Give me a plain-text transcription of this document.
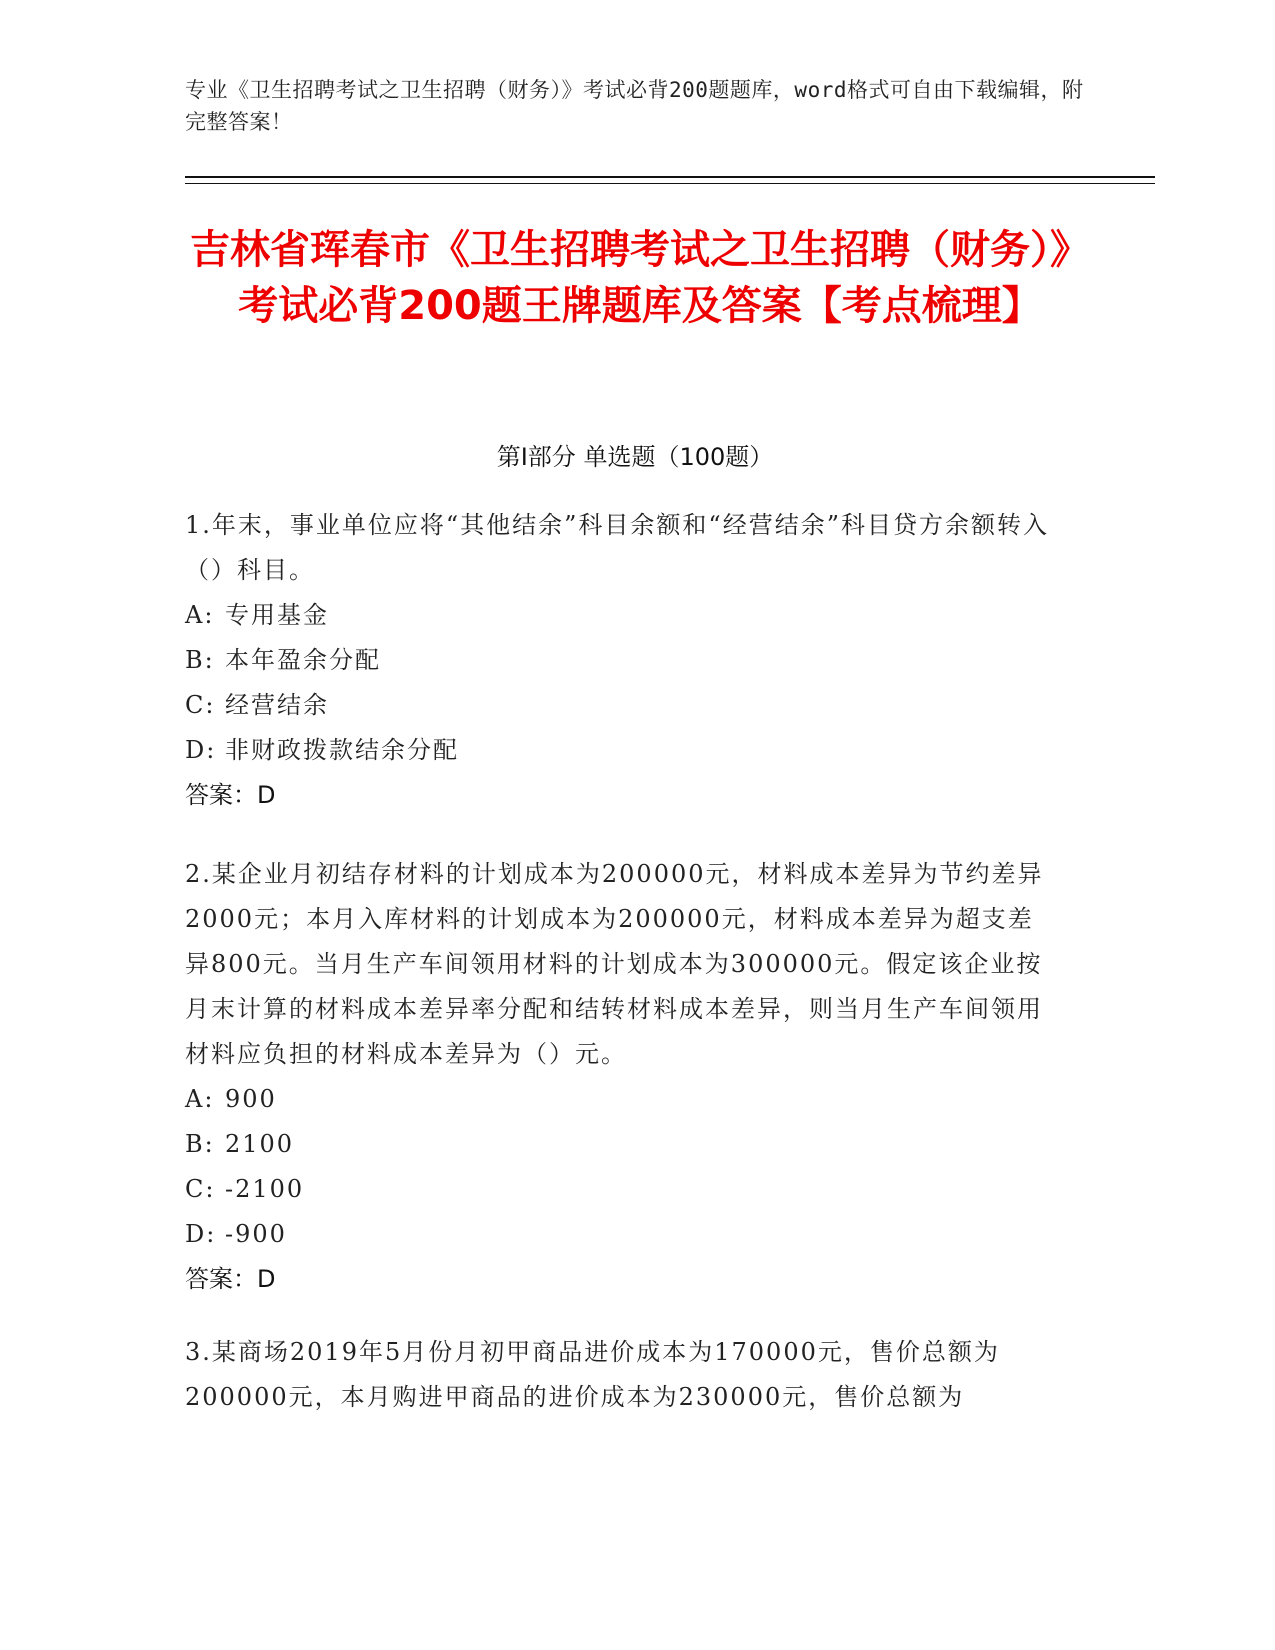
专业《卫生招聘考试之卫生招聘（财务）》考试必背200题题库，word格式可自由下载编辑，附完整答案！
吉林省珲春市《卫生招聘考试之卫生招聘（财务）》考试必背200题王牌题库及答案【考点梳理】
第I部分 单选题（100题）
1.年末，事业单位应将“其他结余”科目余额和“经营结余”科目贷方余额转入（）科目。
A: 专用基金
B: 本年盈余分配
C: 经营结余
D: 非财政拨款结余分配
答案：D
2.某企业月初结存材料的计划成本为200000元，材料成本差异为节约差异2000元；本月入库材料的计划成本为200000元，材料成本差异为超支差异800元。当月生产车间领用材料的计划成本为300000元。假定该企业按月末计算的材料成本差异率分配和结转材料成本差异，则当月生产车间领用材料应负担的材料成本差异为（）元。
A: 900
B: 2100
C: -2100
D: -900
答案：D
3.某商场2019年5月份月初甲商品进价成本为170000元，售价总额为200000元，本月购进甲商品的进价成本为230000元，售价总额为
